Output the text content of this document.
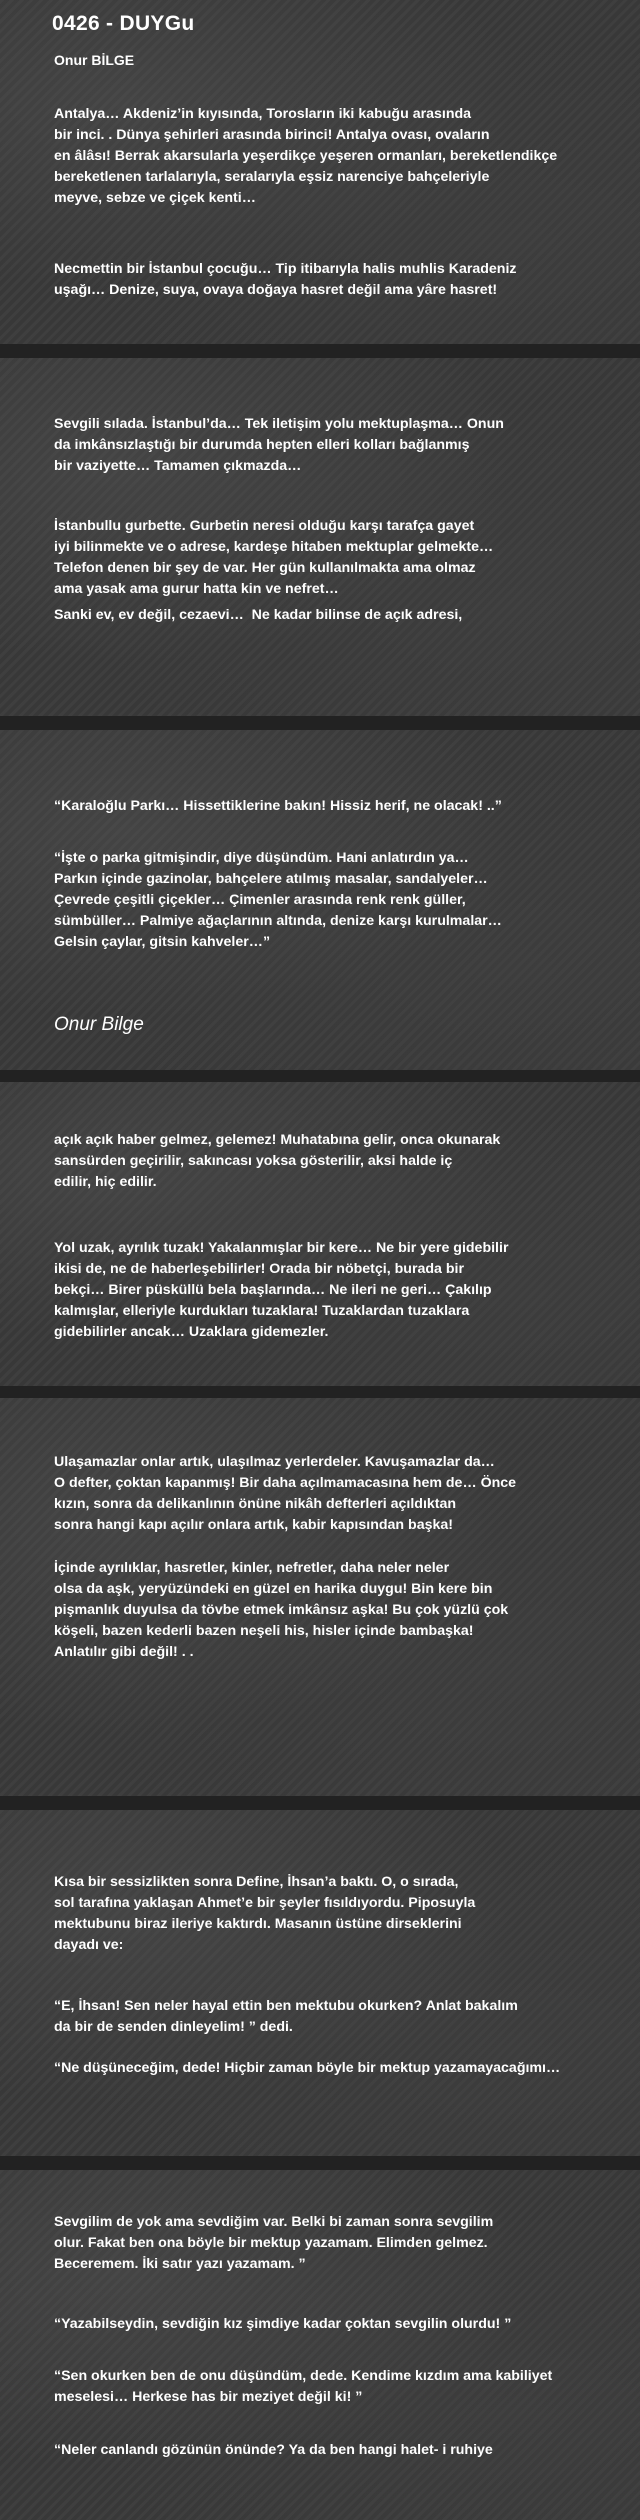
0426 - DUYGu
Onur BİLGE
Antalya… Akdeniz’in kıyısında, Torosların iki kabuğu arasında
bir inci. . Dünya şehirleri arasında birinci! Antalya ovası, ovaların
en âlâsı! Berrak akarsularla yeşerdikçe yeşeren ormanları, bereketlendikçe
bereketlenen tarlalarıyla, seralarıyla eşsiz narenciye bahçeleriyle
meyve, sebze ve çiçek kenti…
Necmettin bir İstanbul çocuğu… Tip itibarıyla halis muhlis Karadeniz
uşağı… Denize, suya, ovaya doğaya hasret değil ama yâre hasret!
Sevgili sılada. İstanbul’da… Tek iletişim yolu mektuplaşma… Onun
da imkânsızlaştığı bir durumda hepten elleri kolları bağlanmış
bir vaziyette… Tamamen çıkmazda…
İstanbullu gurbette. Gurbetin neresi olduğu karşı tarafça gayet
iyi bilinmekte ve o adrese, kardeşe hitaben mektuplar gelmekte…
Telefon denen bir şey de var. Her gün kullanılmakta ama olmaz
ama yasak ama gurur hatta kin ve nefret…
Sanki ev, ev değil, cezaevi…  Ne kadar bilinse de açık adresi,
“Karaloğlu Parkı… Hissettiklerine bakın! Hissiz herif, ne olacak! ..”
“İşte o parka gitmişindir, diye düşündüm. Hani anlatırdın ya…
Parkın içinde gazinolar, bahçelere atılmış masalar, sandalyeler…
Çevrede çeşitli çiçekler… Çimenler arasında renk renk güller,
sümbüller… Palmiye ağaçlarının altında, denize karşı kurulmalar…
Gelsin çaylar, gitsin kahveler…”
Onur Bilge
açık açık haber gelmez, gelemez! Muhatabına gelir, onca okunarak
sansürden geçirilir, sakıncası yoksa gösterilir, aksi halde iç
edilir, hiç edilir.
Yol uzak, ayrılık tuzak! Yakalanmışlar bir kere… Ne bir yere gidebilir
ikisi de, ne de haberleşebilirler! Orada bir nöbetçi, burada bir
bekçi… Birer püsküllü bela başlarında… Ne ileri ne geri… Çakılıp
kalmışlar, elleriyle kurdukları tuzaklara! Tuzaklardan tuzaklara
gidebilirler ancak… Uzaklara gidemezler.
Ulaşamazlar onlar artık, ulaşılmaz yerlerdeler. Kavuşamazlar da…
O defter, çoktan kapanmış! Bir daha açılmamacasına hem de… Önce
kızın, sonra da delikanlının önüne nikâh defterleri açıldıktan
sonra hangi kapı açılır onlara artık, kabir kapısından başka!
İçinde ayrılıklar, hasretler, kinler, nefretler, daha neler neler
olsa da aşk, yeryüzündeki en güzel en harika duygu! Bin kere bin
pişmanlık duyulsa da tövbe etmek imkânsız aşka! Bu çok yüzlü çok
köşeli, bazen kederli bazen neşeli his, hisler içinde bambaşka!
Anlatılır gibi değil! . .
Kısa bir sessizlikten sonra Define, İhsan’a baktı. O, o sırada,
sol tarafına yaklaşan Ahmet’e bir şeyler fısıldıyordu. Piposuyla
mektubunu biraz ileriye kaktırdı. Masanın üstüne dirseklerini
dayadı ve:
“E, İhsan! Sen neler hayal ettin ben mektubu okurken? Anlat bakalım
da bir de senden dinleyelim! ” dedi.
“Ne düşüneceğim, dede! Hiçbir zaman böyle bir mektup yazamayacağımı…
Sevgilim de yok ama sevdiğim var. Belki bi zaman sonra sevgilim
olur. Fakat ben ona böyle bir mektup yazamam. Elimden gelmez.
Beceremem. İki satır yazı yazamam. ”
“Yazabilseydin, sevdiğin kız şimdiye kadar çoktan sevgilin olurdu! ”
“Sen okurken ben de onu düşündüm, dede. Kendime kızdım ama kabiliyet
meselesi… Herkese has bir meziyet değil ki! ”
“Neler canlandı gözünün önünde? Ya da ben hangi halet- i ruhiye
